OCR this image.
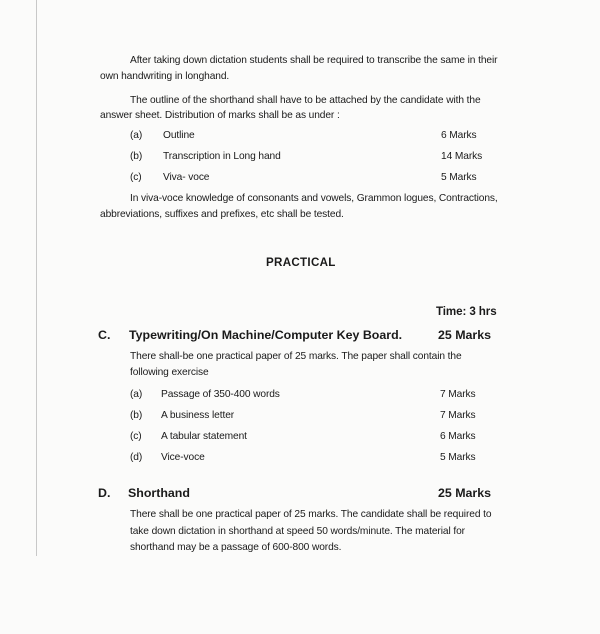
After taking down dictation students shall be required to transcribe the same in their
own handwriting in longhand.
The outline of the shorthand shall have to be attached by the candidate with the
answer sheet. Distribution of marks shall be as under :
(a) Outline	6 Marks
(b) Transcription in Long hand	14 Marks
(c) Viva- voce	5 Marks
In viva-voce knowledge of consonants and vowels, Grammon logues, Contractions,
abbreviations, suffixes and prefixes, etc shall be tested.
PRACTICAL
Time: 3 hrs
C. Typewriting/On Machine/Computer Key Board.	25 Marks
There shall-be one practical paper of 25 marks. The paper shall contain the
following exercise
(a) Passage of 350-400 words	7 Marks
(b) A business letter	7 Marks
(c) A tabular statement	6 Marks
(d) Vice-voce	5 Marks
D. Shorthand	25 Marks
There shall be one practical paper of 25 marks. The candidate shall be required to
take down dictation in shorthand at speed 50 words/minute. The material for
shorthand may be a passage of 600-800 words.
